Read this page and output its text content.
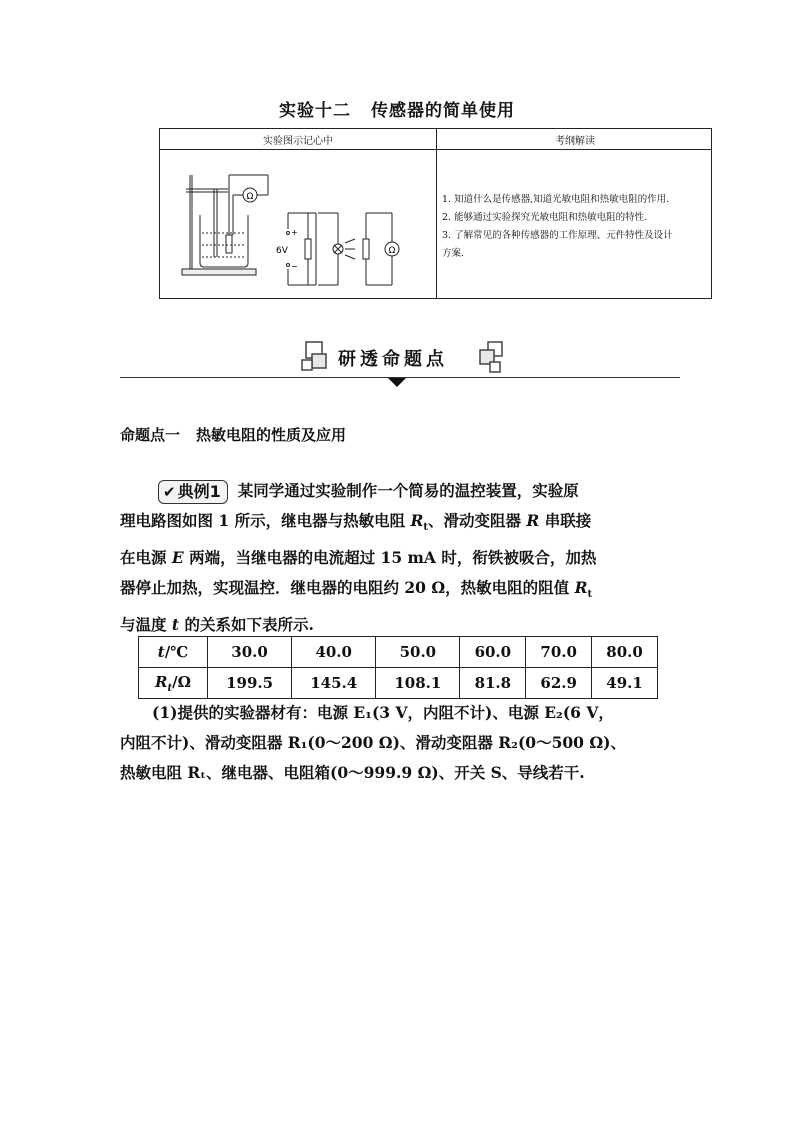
实验十二 传感器的简单使用
实验图示记心中	考纲解读
Ω
Ω
+
6V
−
1. 知道什么是传感器,知道光敏电阻和热敏电阻的作用.
2. 能够通过实验探究光敏电阻和热敏电阻的特性.
3. 了解常见的各种传感器的工作原理、元件特性及设计
方案.
研透命题点
命题点一 热敏电阻的性质及应用
✔ 典例1 某同学通过实验制作一个简易的温控装置，实验原
理电路图如图 1 所示，继电器与热敏电阻 $R_t$、滑动变阻器 R 串联接
在电源 E 两端，当继电器的电流超过 15 mA 时，衔铁被吸合，加热
器停止加热，实现温控．继电器的电阻约 20 Ω，热敏电阻的阻值 $R_t$
与温度 t 的关系如下表所示.
t/℃	30.0	40.0	50.0	60.0	70.0	80.0
$R_t/\Omega$	199.5	145.4	108.1	81.8	62.9	49.1
(1)提供的实验器材有：电源 E₁(3 V，内阻不计)、电源 E₂(6 V，
内阻不计)、滑动变阻器 R₁(0～200 Ω)、滑动变阻器 R₂(0～500 Ω)、
热敏电阻 Rₜ、继电器、电阻箱(0～999.9 Ω)、开关 S、导线若干.
